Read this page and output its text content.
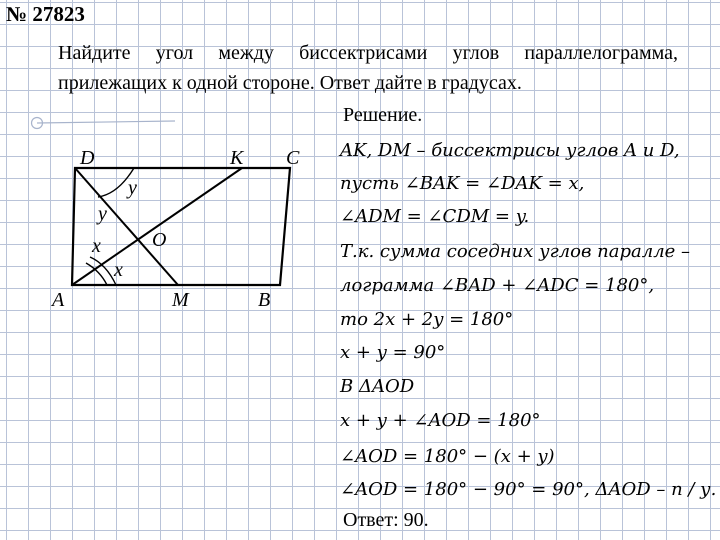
№ 27823
Найдите угол между биссектрисами углов параллелограмма, прилежащих к одной стороне. Ответ дайте в градусах.
D	K C
A	M	B
O
y
y
x
x
Решение.
AK, DM – биссектрисы углов A и D,
пусть ∠BAK = ∠DAK = x,
∠ADM = ∠CDM = y.
Т.к. сумма соседних углов паралле –
лограмма ∠BAD + ∠ADC = 180°,
то 2x + 2y = 180°
x + y = 90°
В ΔAOD
x + y + ∠AOD = 180°
∠AOD = 180° − (x + y)
∠AOD = 180° − 90° = 90°, ΔAOD – п / у.
Ответ: 90.
